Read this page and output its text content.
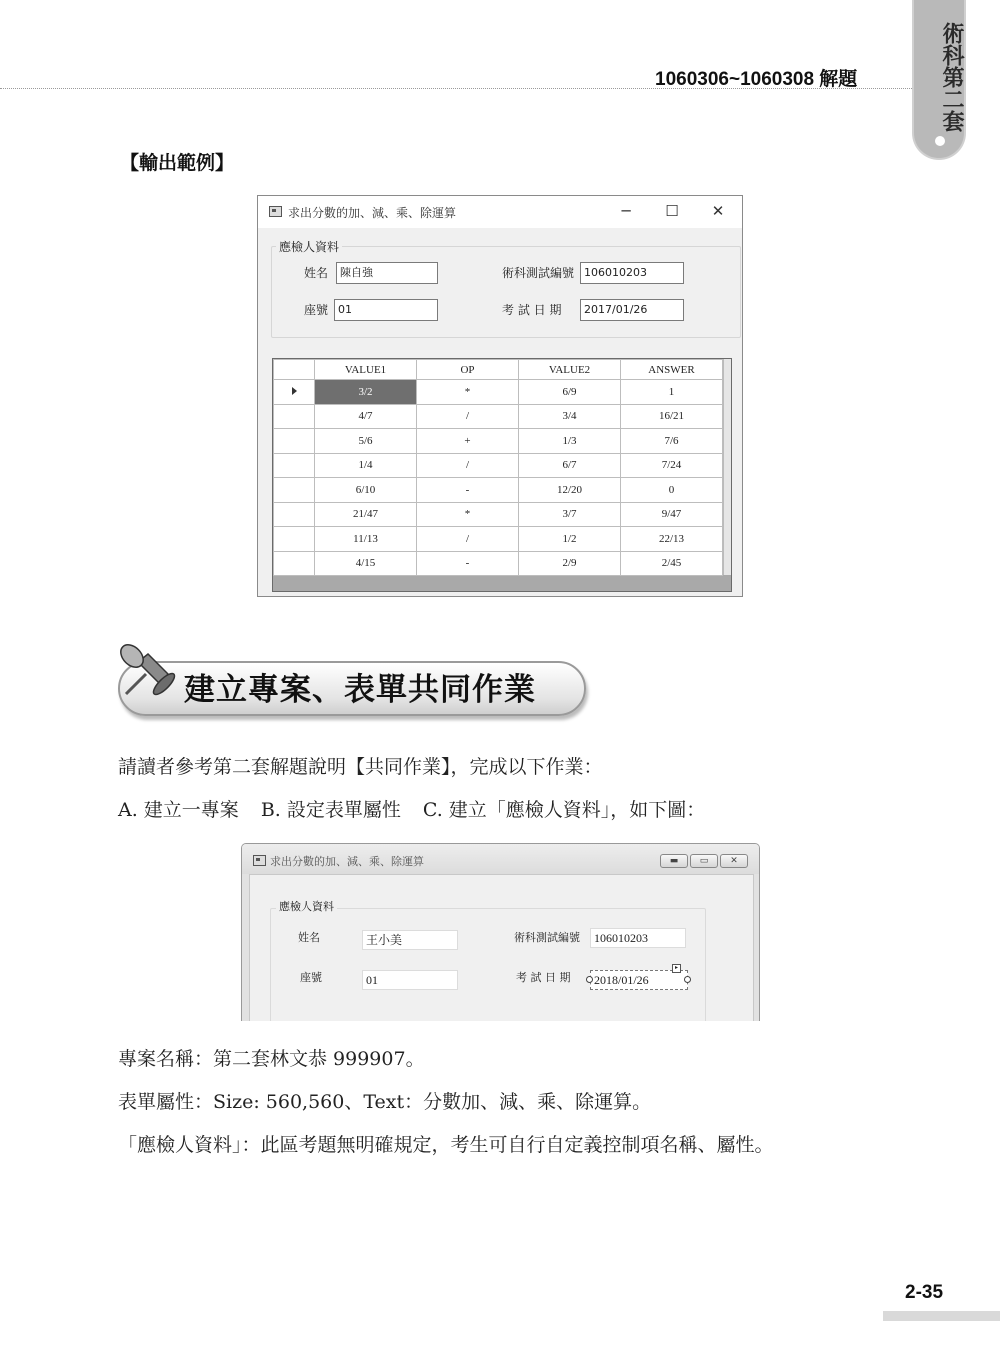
1060306~1060308 解題	術科第二套
【輸出範例】
求出分數的加、減、乘、除運算	─	☐	✕
應檢人資料
姓名	陳自強	術科測試編號 106010203
座號 01	考 試 日 期	2017/01/26
	VALUE1	OP	VALUE2	ANSWER
	3/2	*	6/9	1
	4/7	/	3/4	16/21
	5/6	+	1/3	7/6
	1/4	/	6/7	7/24
	6/10	-	12/20	0
	21/47	*	3/7	9/47
	11/13	/	1/2	22/13
	4/15	-	2/9	2/45
建立專案、表單共同作業
請讀者參考第二套解題說明【共同作業】，完成以下作業：
A. 建立一專案 B. 設定表單屬性 C. 建立「應檢人資料」，如下圖：
求出分數的加、減、乘、除運算	▬	▭	✕
應檢人資料
姓名	王小美	術科測試編號	106010203
座號	01	考 試 日 期	2018/01/26
▸
專案名稱：第二套林文恭 999907。
表單屬性：Size: 560,560、Text：分數加、減、乘、除運算。
「應檢人資料」：此區考題無明確規定，考生可自行自定義控制項名稱、屬性。
2-35
